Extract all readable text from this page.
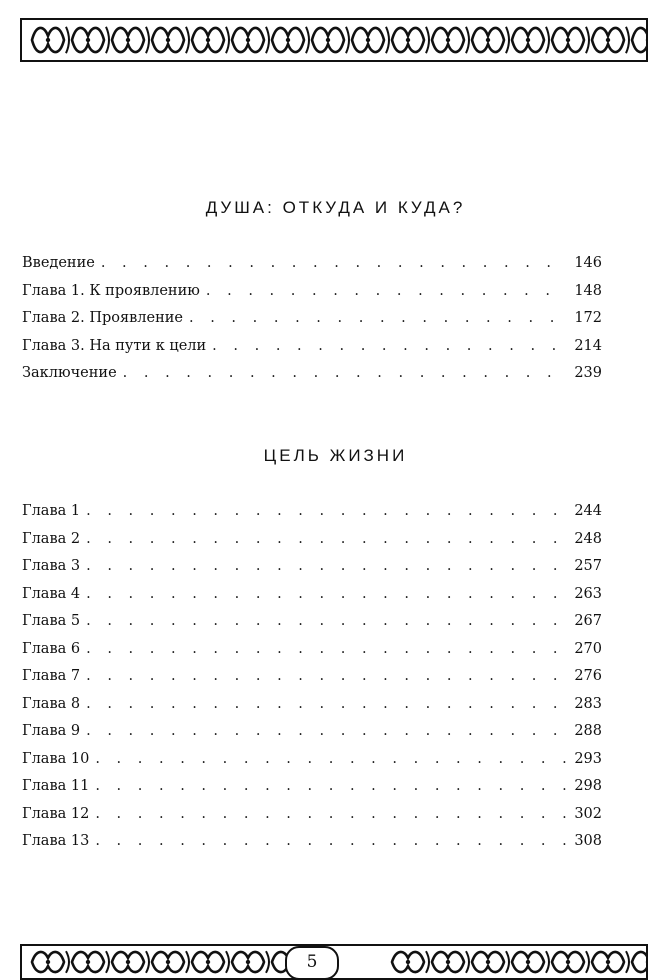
ДУША: ОТКУДА И КУДА?
Введение . . .	146
Глава 1. К проявлению . . .	148
Глава 2. Проявление . . .	172
Глава 3. На пути к цели . . .	214
Заключение . . .	239
ЦЕЛЬ ЖИЗНИ
Глава 1 . . .	244
Глава 2 . . .	248
Глава 3 . . .	257
Глава 4 . . .	263
Глава 5 . . .	267
Глава 6 . . .	270
Глава 7 . . .	276
Глава 8 . . .	283
Глава 9 . . .	288
Глава 10 . . .	293
Глава 11 . . .	298
Глава 12 . . .	302
Глава 13 . . .	308
5
